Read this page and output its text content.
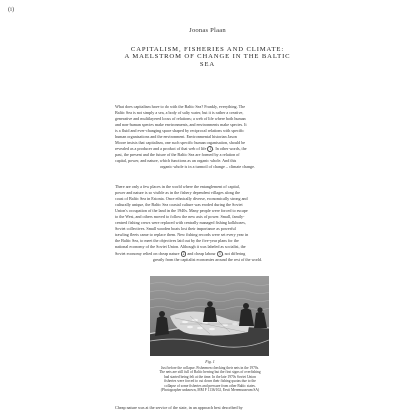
(i)
Joonas Plaan
CAPITALISM, FISHERIES AND CLIMATE:
A MAELSTROM OF CHANGE IN THE BALTIC
SEA
What does capitalism have to do with the Baltic Sea? Frankly, everything. The
Baltic Sea is not simply a sea, a body of salty water, but it is rather a creative,
generative and multilayered locus of relations; a web of life where both human
and non-human species make environments, and environments make species. It
is a fluid and ever-changing space shaped by reciprocal relations with specific
human organisations and the environment. Environmental historian Jason
Moore insists that capitalism, one such specific human organisation, should be
revealed as a producer and a product of that web of life 1 . In other words, the
past, the present and the future of the Baltic Sea are formed by a relation of
capital, power, and nature, which functions as an organic whole. And this
organic whole is in a turmoil of change – climate change.
There are only a few places in the world where the entanglement of capital,
power and nature is so visible as in the fishery dependent villages along the
coast of Baltic Sea in Estonia. Once ethnically diverse, economically strong and
culturally unique, the Baltic Sea coastal culture was eroded during the Soviet
Union's occupation of the land in the 1940s. Many people were forced to escape
to the West, and others moved to follow the new axis of power. Small, family-
centred fishing crews were replaced with centrally managed fishing kolkhozes,
Soviet collectives. Small wooden boats lost their importance as powerful
trawling fleets came to replace them. New fishing records were set every year in
the Baltic Sea, to meet the objectives laid out by the five-year plans for the
national economy of the Soviet Union. Although it was labeled as socialist, the
Soviet economy relied on cheap nature 2 and cheap labour 3 , not differing
greatly from the capitalist economies around the rest of the world.
Fig. 1
Just before the collapse. Fishermen checking their nets in the 1970s.
The nets are still full of Baltic herring but the first signs of overfishing
had started being felt at the time. In the late 1970s Soviet Union
fisheries were forced to cut down their fishing quotas due to the
collapse of some fisheries and pressure from other Baltic states.
(Photographer unknown, MM F 1136/102, Eesti Meremuuseum SA)
Cheap nature was at the service of the state, in an approach best described by
